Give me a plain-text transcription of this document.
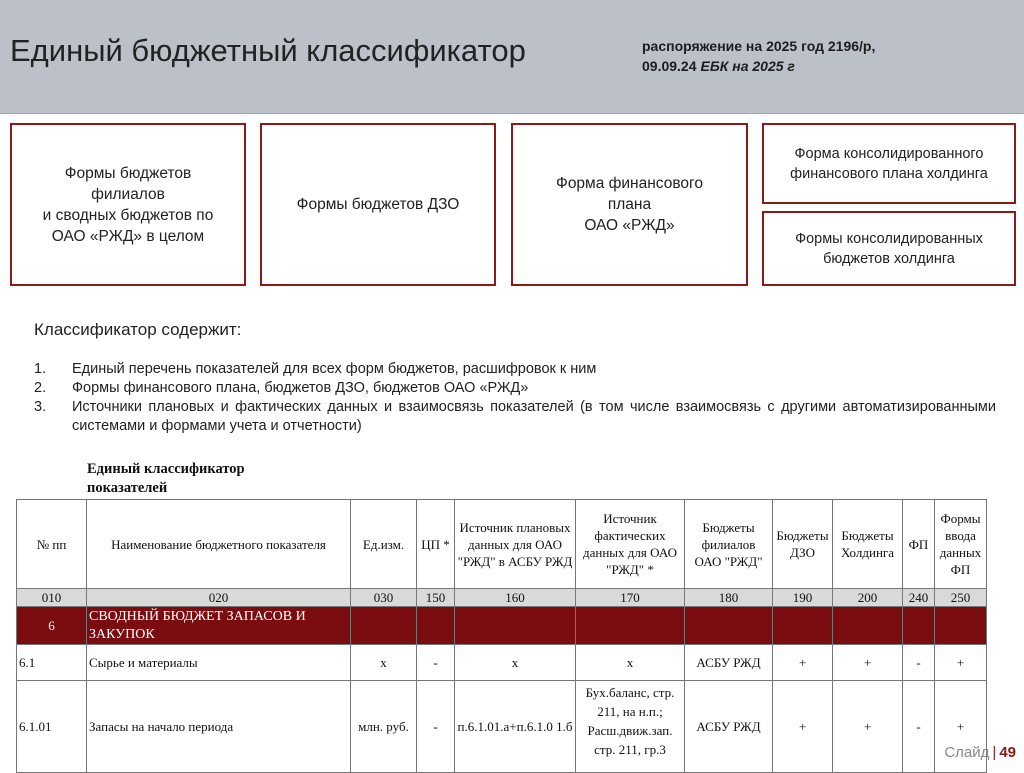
Единый бюджетный классификатор	распоряжение на 2025 год 2196/р,
09.09.24 ЕБК на 2025 г
Формы бюджетов
филиалов
и сводных бюджетов по
ОАО «РЖД» в целом
Формы бюджетов ДЗО
Форма финансового
плана
ОАО «РЖД»
Форма консолидированного
финансового плана холдинга
Формы консолидированных
бюджетов холдинга
Классификатор содержит:
1. Единый перечень показателей для всех форм бюджетов, расшифровок к ним
2. Формы финансового плана, бюджетов ДЗО, бюджетов ОАО «РЖД»
3. Источники плановых и фактических данных и взаимосвязь показателей (в том числе взаимосвязь с другими автоматизированными системами и формами учета и отчетности)
Единый классификатор показателей
№ пп	Наименование бюджетного показателя	Ед.изм.	ЦП *	Источник плановых данных для ОАО "РЖД" в АСБУ РЖД	Источник фактических данных для ОАО "РЖД" *	Бюджеты филиалов ОАО "РЖД"	Бюджеты ДЗО	Бюджеты Холдинга	ФП	Формы ввода данных ФП
010	020	030	150	160	170	180	190	200	240	250
6	СВОДНЫЙ БЮДЖЕТ ЗАПАСОВ И ЗАКУПОК									
6.1	Сырье и материалы	х	-	х	х	АСБУ РЖД	+	+	-	+
6.1.01	Запасы на начало периода	млн. руб.	-	п.6.1.01.а+п.6.1.0 1.б	Бух.баланс, стр. 211, на н.п.; Расш.движ.зап. стр. 211, гр.3	АСБУ РЖД	+	+	-	+
Слайд | 49
